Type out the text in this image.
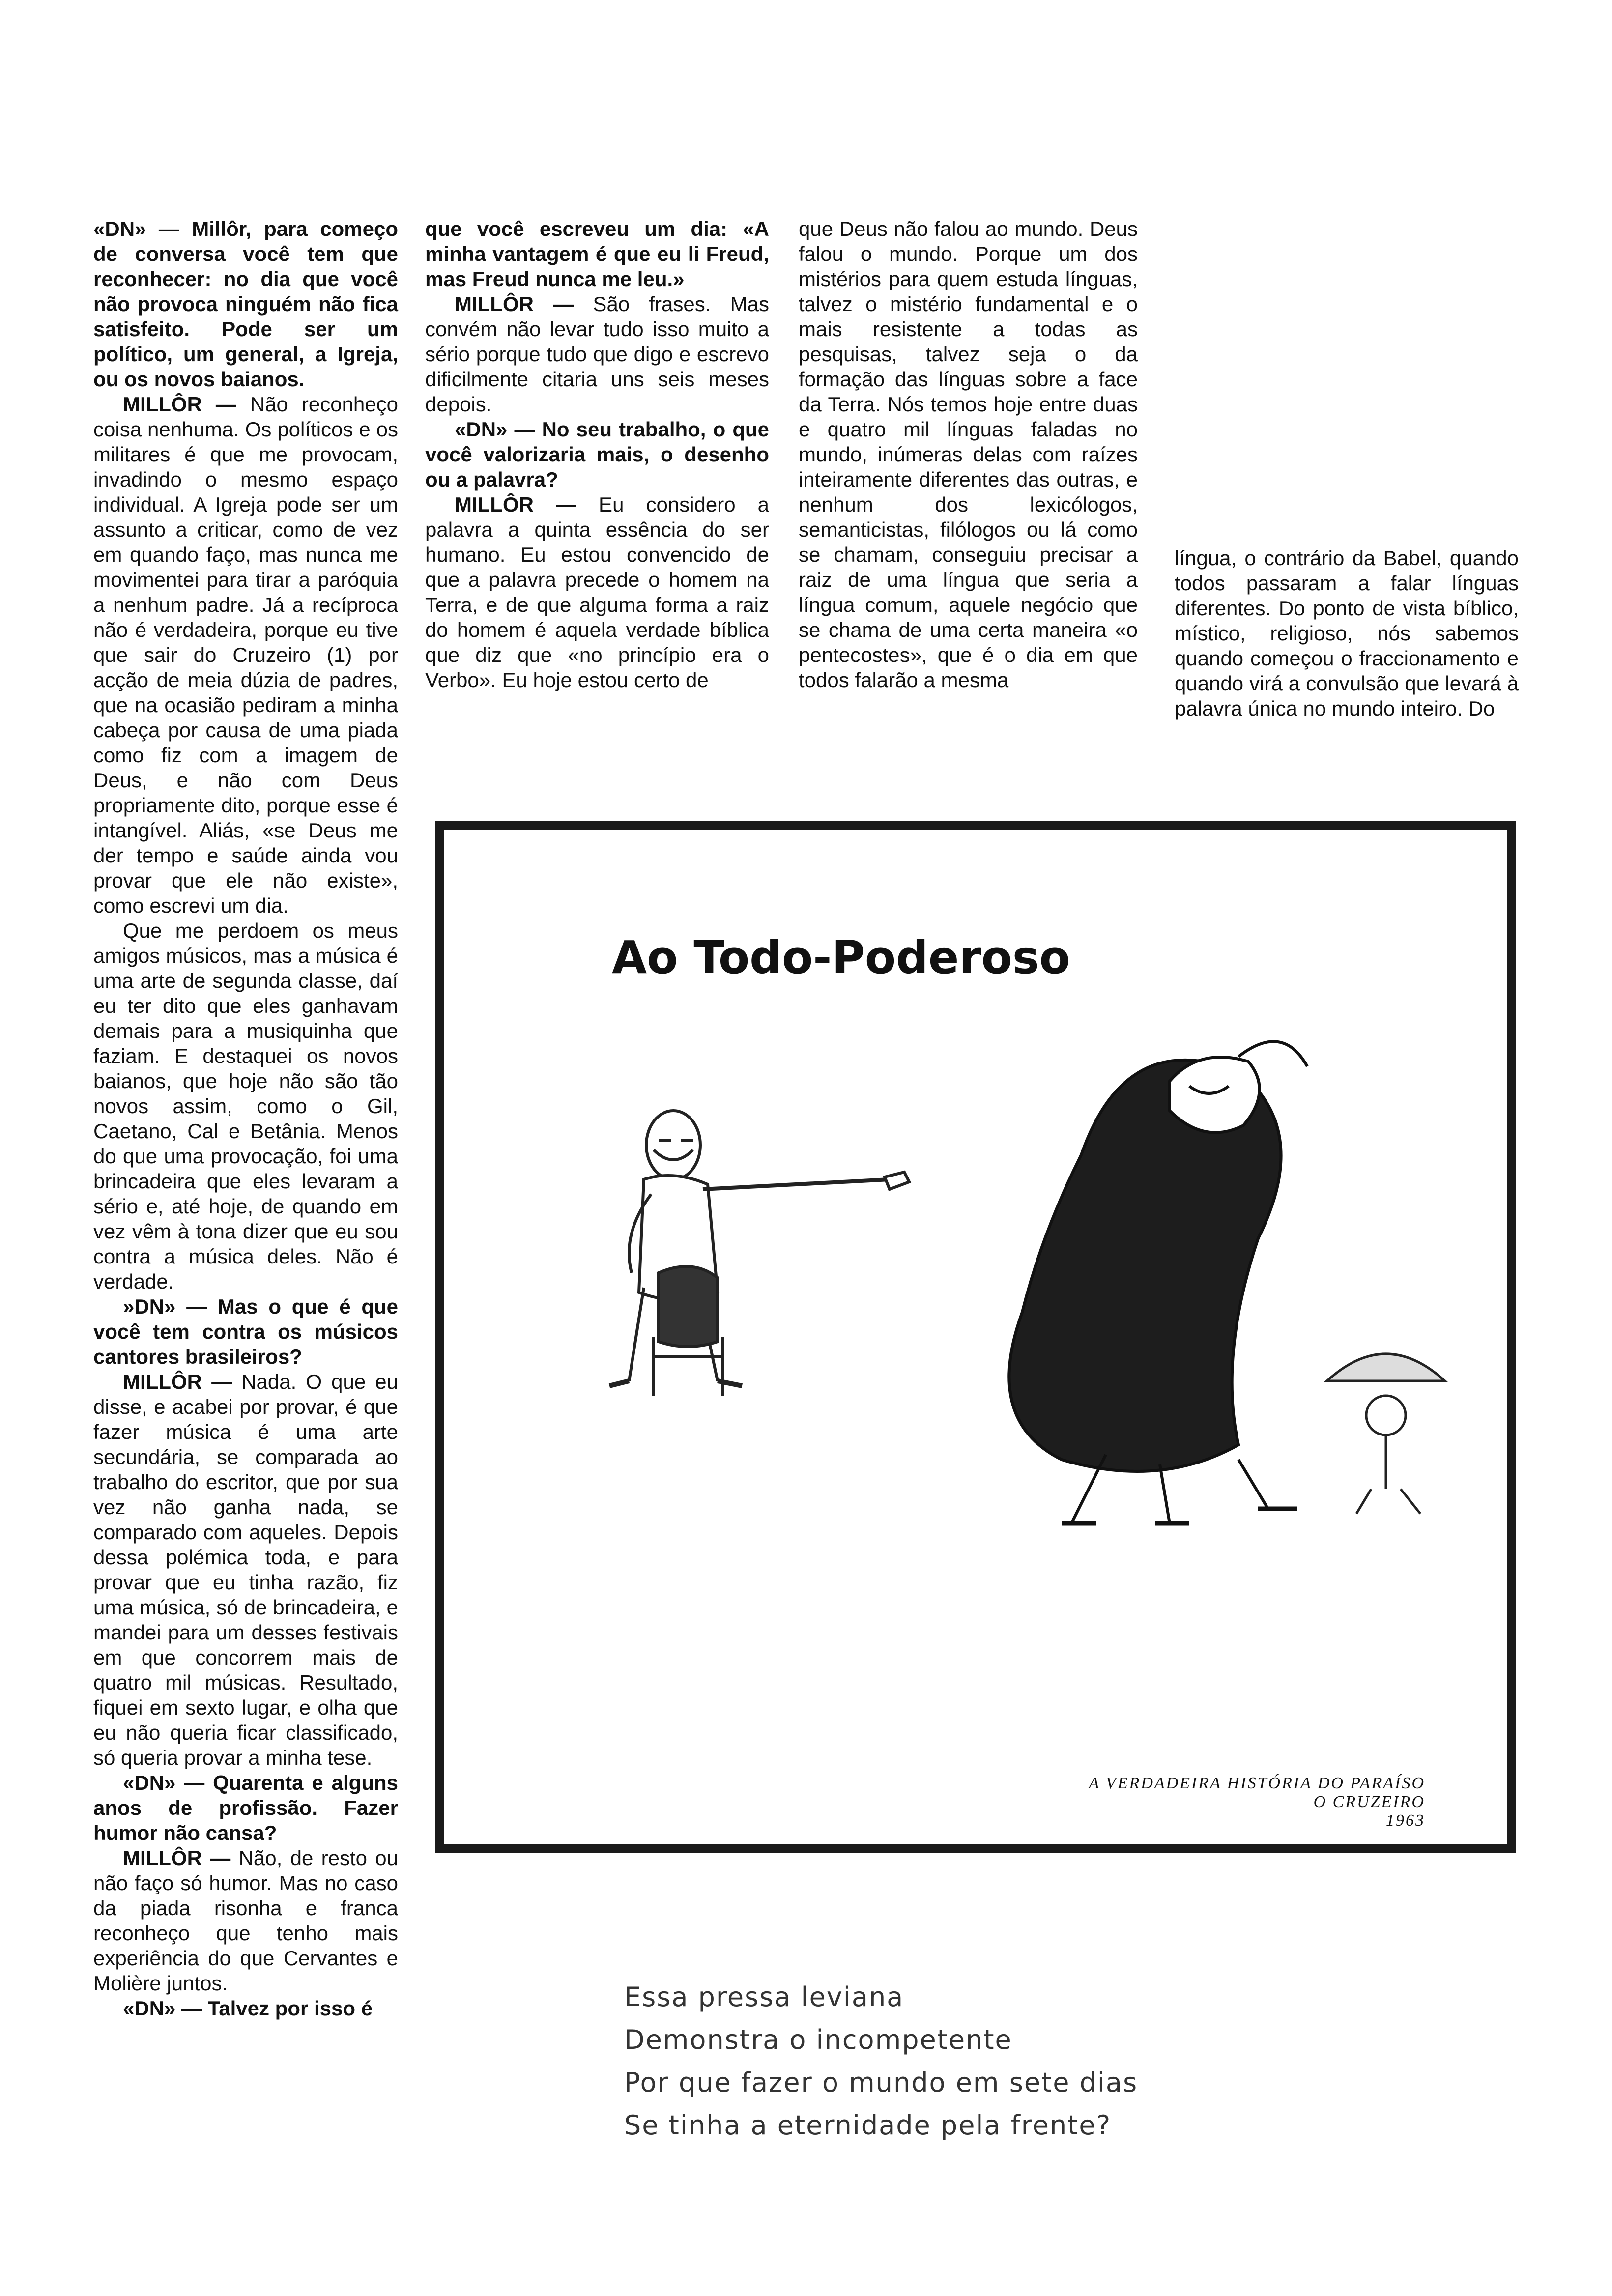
«DN» — Millôr, para começo de conversa você tem que reconhecer: no dia que você não provoca ninguém não fica satisfeito. Pode ser um político, um general, a Igreja, ou os novos baianos.

MILLÔR — Não reconheço coisa nenhuma. Os políticos e os militares é que me provocam, invadindo o mesmo espaço individual. A Igreja pode ser um assunto a criticar, como de vez em quando faço, mas nunca me movimentei para tirar a paróquia a nenhum padre. Já a recíproca não é verdadeira, porque eu tive que sair do Cruzeiro (1) por acção de meia dúzia de padres, que na ocasião pediram a minha cabeça por causa de uma piada como fiz com a imagem de Deus, e não com Deus propriamente dito, porque esse é intangível. Aliás, «se Deus me der tempo e saúde ainda vou provar que ele não existe», como escrevi um dia.

Que me perdoem os meus amigos músicos, mas a música é uma arte de segunda classe, daí eu ter dito que eles ganhavam demais para a musiquinha que faziam. E destaquei os novos baianos, que hoje não são tão novos assim, como o Gil, Caetano, Cal e Betânia. Menos do que uma provocação, foi uma brincadeira que eles levaram a sério e, até hoje, de quando em vez vêm à tona dizer que eu sou contra a música deles. Não é verdade.

»DN» — Mas o que é que você tem contra os músicos cantores brasileiros?

MILLÔR — Nada. O que eu disse, e acabei por provar, é que fazer música é uma arte secundária, se comparada ao trabalho do escritor, que por sua vez não ganha nada, se comparado com aqueles. Depois dessa polémica toda, e para provar que eu tinha razão, fiz uma música, só de brincadeira, e mandei para um desses festivais em que concorrem mais de quatro mil músicas. Resultado, fiquei em sexto lugar, e olha que eu não queria ficar classificado, só queria provar a minha tese.

«DN» — Quarenta e alguns anos de profissão. Fazer humor não cansa?

MILLÔR — Não, de resto ou não faço só humor. Mas no caso da piada risonha e franca reconheço que tenho mais experiência do que Cervantes e Molière juntos.

«DN» — Talvez por isso é

que você escreveu um dia: «A minha vantagem é que eu li Freud, mas Freud nunca me leu.»

MILLÔR — São frases. Mas convém não levar tudo isso muito a sério porque tudo que digo e escrevo dificilmente citaria uns seis meses depois.

«DN» — No seu trabalho, o que você valorizaria mais, o desenho ou a palavra?

MILLÔR — Eu considero a palavra a quinta essência do ser humano. Eu estou convencido de que a palavra precede o homem na Terra, e de que alguma forma a raiz do homem é aquela verdade bíblica que diz que «no princípio era o Verbo». Eu hoje estou certo de

que Deus não falou ao mundo. Deus falou o mundo. Porque um dos mistérios para quem estuda línguas, talvez o mistério fundamental e o mais resistente a todas as pesquisas, talvez seja o da formação das línguas sobre a face da Terra. Nós temos hoje entre duas e quatro mil línguas faladas no mundo, inúmeras delas com raízes inteiramente diferentes das outras, e nenhum dos lexicólogos, semanticistas, filólogos ou lá como se chamam, conseguiu precisar a raiz de uma língua que seria a língua comum, aquele negócio que se chama de uma certa maneira «o pentecostes», que é o dia em que todos falarão a mesma

língua, o contrário da Babel, quando todos passaram a falar línguas diferentes. Do ponto de vista bíblico, místico, religioso, nós sabemos quando começou o fraccionamento e quando virá a convulsão que levará à palavra única no mundo inteiro. Do

Ao Todo-Poderoso
A VERDADEIRA HISTÓRIA DO PARAÍSO
O CRUZEIRO
1963

Essa pressa leviana

Demonstra o incompetente

Por que fazer o mundo em sete dias

Se tinha a eternidade pela frente?
